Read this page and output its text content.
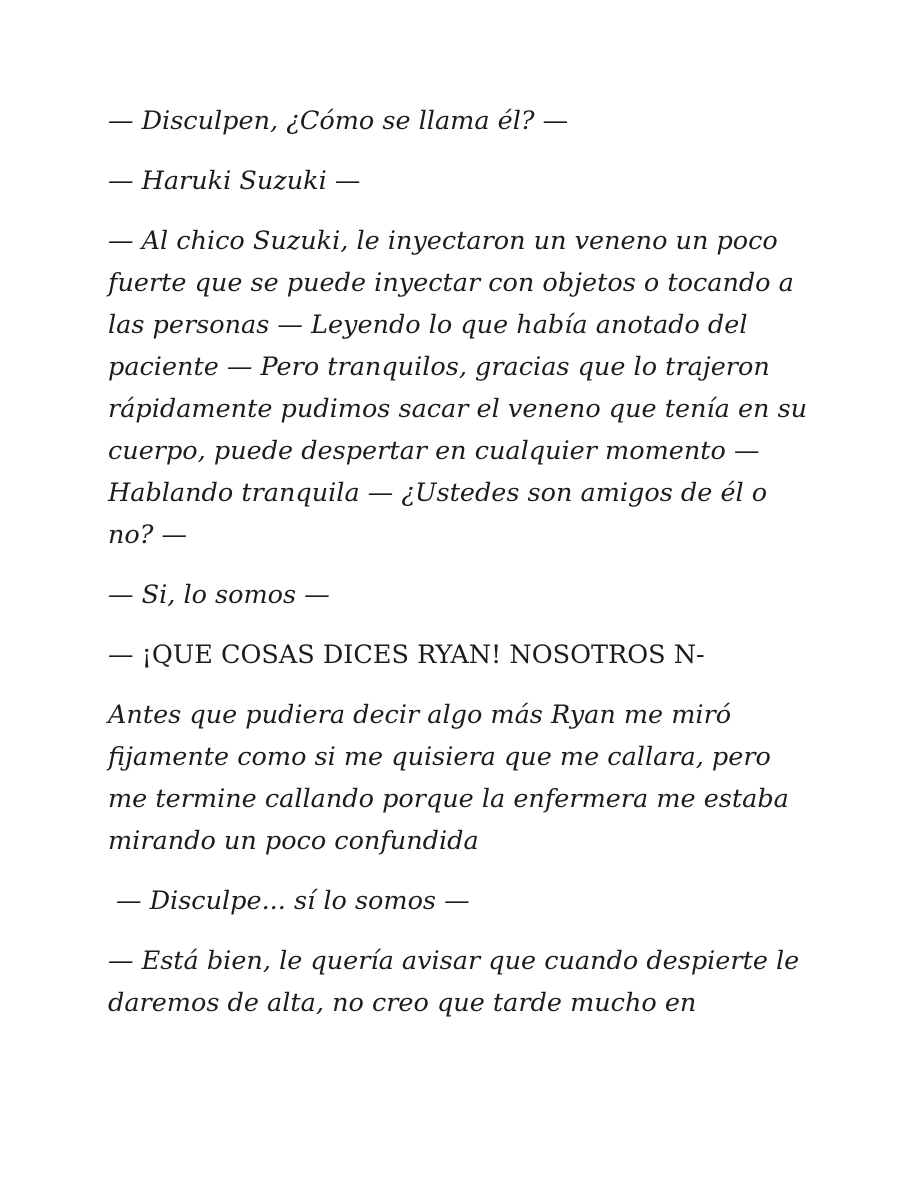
— Disculpen, ¿Cómo se llama él? —

— Haruki Suzuki —

— Al chico Suzuki, le inyectaron un veneno un poco fuerte que se puede inyectar con objetos o tocando a las personas — Leyendo lo que había anotado del paciente — Pero tranquilos, gracias que lo trajeron rápidamente pudimos sacar el veneno que tenía en su cuerpo, puede despertar en cualquier momento — Hablando tranquila — ¿Ustedes son amigos de él o no? —

— Si, lo somos —

— ¡QUE COSAS DICES RYAN! NOSOTROS N-

Antes que pudiera decir algo más Ryan me miró fijamente como si me quisiera que me callara, pero me termine callando porque la enfermera me estaba mirando un poco confundida

— Disculpe... sí lo somos —

— Está bien, le quería avisar que cuando despierte le daremos de alta, no creo que tarde mucho en
